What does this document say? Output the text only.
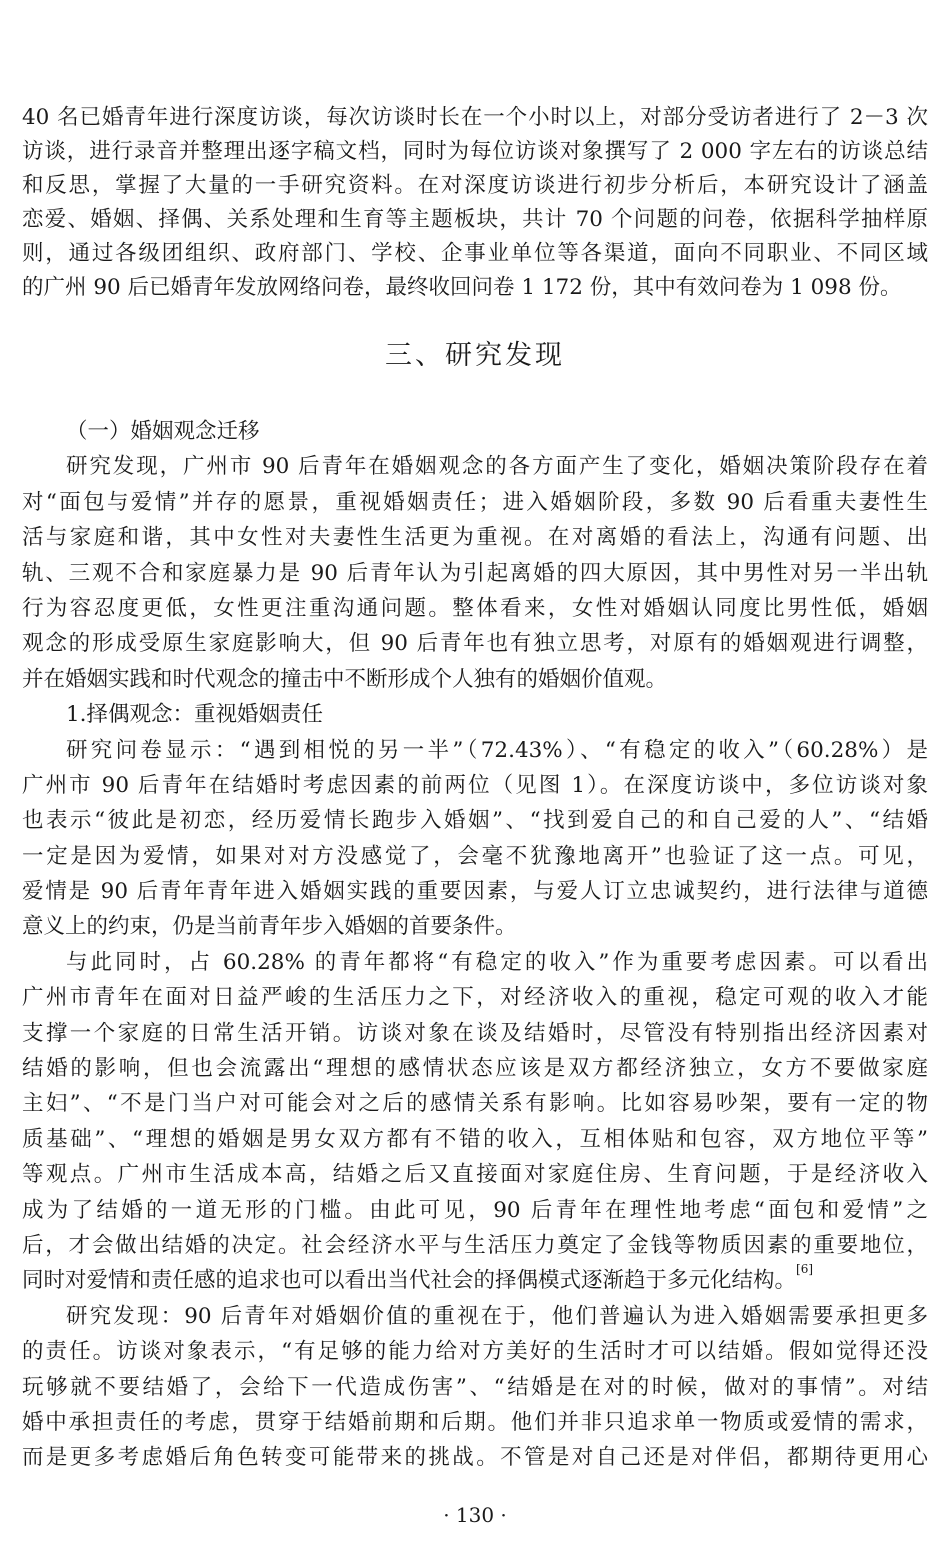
40 名已婚青年进行深度访谈，每次访谈时长在一个小时以上，对部分受访者进行了 2－3 次
访谈，进行录音并整理出逐字稿文档，同时为每位访谈对象撰写了 2 000 字左右的访谈总结
和反思，掌握了大量的一手研究资料。在对深度访谈进行初步分析后，本研究设计了涵盖
恋爱、婚姻、择偶、关系处理和生育等主题板块，共计 70 个问题的问卷，依据科学抽样原
则，通过各级团组织、政府部门、学校、企事业单位等各渠道，面向不同职业、不同区域
的广州 90 后已婚青年发放网络问卷，最终收回问卷 1 172 份，其中有效问卷为 1 098 份。
三、研究发现
（一）婚姻观念迁移
研究发现，广州市 90 后青年在婚姻观念的各方面产生了变化，婚姻决策阶段存在着
对“面包与爱情”并存的愿景，重视婚姻责任；进入婚姻阶段，多数 90 后看重夫妻性生
活与家庭和谐，其中女性对夫妻性生活更为重视。在对离婚的看法上，沟通有问题、出
轨、三观不合和家庭暴力是 90 后青年认为引起离婚的四大原因，其中男性对另一半出轨
行为容忍度更低，女性更注重沟通问题。整体看来，女性对婚姻认同度比男性低，婚姻
观念的形成受原生家庭影响大，但 90 后青年也有独立思考，对原有的婚姻观进行调整，
并在婚姻实践和时代观念的撞击中不断形成个人独有的婚姻价值观。
1.择偶观念：重视婚姻责任
研究问卷显示：“遇到相悦的另一半”（72.43%）、“有稳定的收入”（60.28%）是
广州市 90 后青年在结婚时考虑因素的前两位（见图 1）。在深度访谈中，多位访谈对象
也表示“彼此是初恋，经历爱情长跑步入婚姻”、“找到爱自己的和自己爱的人”、“结婚
一定是因为爱情，如果对对方没感觉了，会毫不犹豫地离开”也验证了这一点。可见，
爱情是 90 后青年青年进入婚姻实践的重要因素，与爱人订立忠诚契约，进行法律与道德
意义上的约束，仍是当前青年步入婚姻的首要条件。
与此同时，占 60.28% 的青年都将“有稳定的收入”作为重要考虑因素。可以看出
广州市青年在面对日益严峻的生活压力之下，对经济收入的重视，稳定可观的收入才能
支撑一个家庭的日常生活开销。访谈对象在谈及结婚时，尽管没有特别指出经济因素对
结婚的影响，但也会流露出“理想的感情状态应该是双方都经济独立，女方不要做家庭
主妇”、“不是门当户对可能会对之后的感情关系有影响。比如容易吵架，要有一定的物
质基础”、“理想的婚姻是男女双方都有不错的收入，互相体贴和包容，双方地位平等”
等观点。广州市生活成本高，结婚之后又直接面对家庭住房、生育问题，于是经济收入
成为了结婚的一道无形的门槛。由此可见，90 后青年在理性地考虑“面包和爱情”之
后，才会做出结婚的决定。社会经济水平与生活压力奠定了金钱等物质因素的重要地位，
同时对爱情和责任感的追求也可以看出当代社会的择偶模式逐渐趋于多元化结构。[6]
研究发现：90 后青年对婚姻价值的重视在于，他们普遍认为进入婚姻需要承担更多
的责任。访谈对象表示，“有足够的能力给对方美好的生活时才可以结婚。假如觉得还没
玩够就不要结婚了，会给下一代造成伤害”、“结婚是在对的时候，做对的事情”。对结
婚中承担责任的考虑，贯穿于结婚前期和后期。他们并非只追求单一物质或爱情的需求，
而是更多考虑婚后角色转变可能带来的挑战。不管是对自己还是对伴侣，都期待更用心
· 130 ·
